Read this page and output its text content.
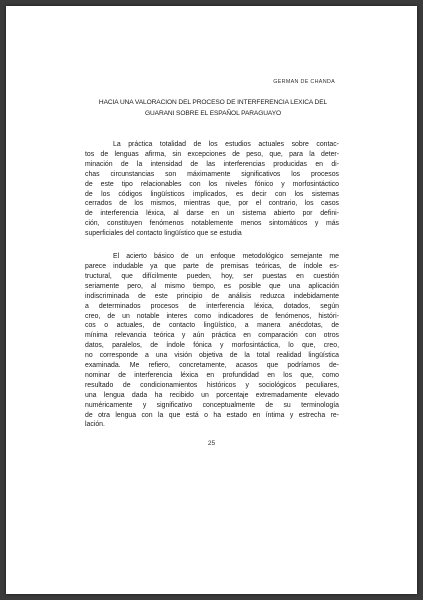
GERMAN DE CHANDA
HACIA UNA VALORACION DEL PROCESO DE INTERFERENCIA LEXICA DEL
GUARANI SOBRE EL ESPAÑOL PARAGUAYO

La práctica totalidad de los estudios actuales sobre contac-
tos de lenguas afirma, sin excepciones de peso, que, para la deter-
minación de la intensidad de las interferencias producidas en di-
chas circunstancias son máximamente significativos los procesos
de este tipo relacionables con los niveles fónico y morfosintáctico
de los códigos lingüísticos implicados, es decir con los sistemas
cerrados de los mismos, mientras que, por el contrario, los casos
de interferencia léxica, al darse en un sistema abierto por defini-
ción, constituyen fenómenos notablemente menos sintomáticos y más
superficiales del contacto lingüístico que se estudia

El acierto básico de un enfoque metodológico semejante me
parece indudable ya que parte de premisas teóricas, de índole es-
tructural, que difícilmente pueden, hoy, ser puestas en cuestión
seriamente pero, al mismo tiempo, es posible que una aplicación
indiscriminada de este principio de análisis reduzca indebidamente
a determinados procesos de interferencia léxica, dotados, según
creo, de un notable interes como indicadores de fenómenos, históri-
cos o actuales, de contacto lingüístico, a manera anécdotas, de
mínima relevancia teórica y aún práctica en comparación con otros
datos, paralelos, de índole fónica y morfosintáctica, lo que, creo,
no corresponde a una visión objetiva de la total realidad lingüística
examinada. Me refiero, concretamente, acasos que podríamos de-
nominar de interferencia léxica en profundidad en los que, como
resultado de condicionamientos históricos y sociológicos peculiares,
una lengua dada ha recibido un porcentaje extremadamente elevado
numéricamente y significativo conceptualmente de su terminología
de otra lengua con la que está o ha estado en íntima y estrecha re-
lación.

25
